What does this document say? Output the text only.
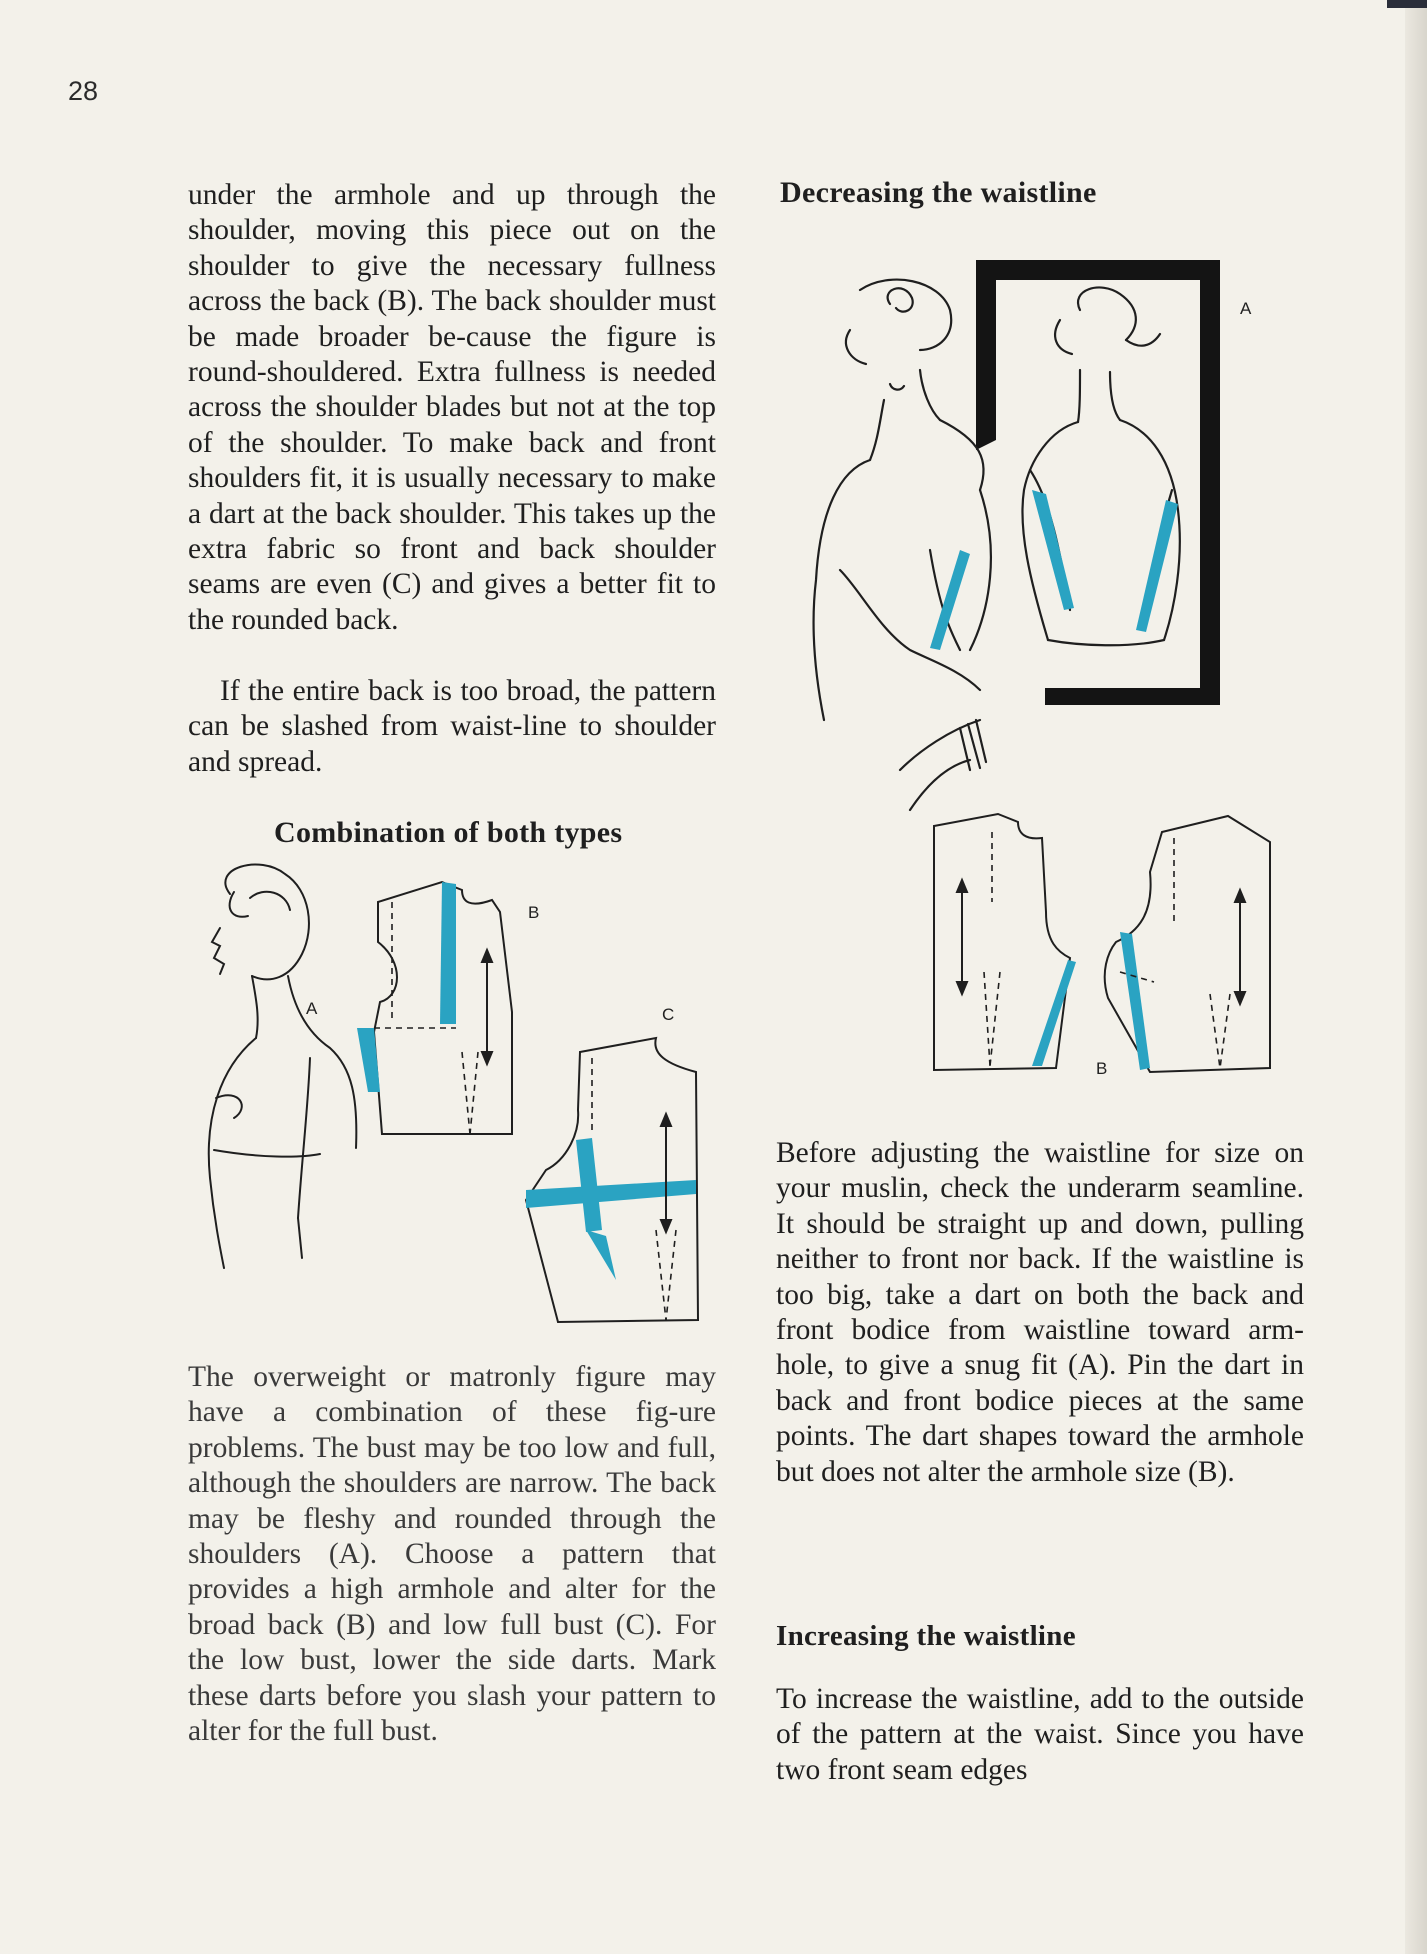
28

under the armhole and up through the shoulder, moving this piece out on the shoulder to give the necessary fullness across the back (B). The back shoulder must be made broader be-cause the figure is round-shouldered. Extra fullness is needed across the shoulder blades but not at the top of the shoulder. To make back and front shoulders fit, it is usually necessary to make a dart at the back shoulder. This takes up the extra fabric so front and back shoulder seams are even (C) and gives a better fit to the rounded back.

If the entire back is too broad, the pattern can be slashed from waist-line to shoulder and spread.

Combination of both types
A
B
C

The overweight or matronly figure may have a combination of these fig-ure problems. The bust may be too low and full, although the shoulders are narrow. The back may be fleshy and rounded through the shoulders (A). Choose a pattern that provides a high armhole and alter for the broad back (B) and low full bust (C). For the low bust, lower the side darts. Mark these darts before you slash your pattern to alter for the full bust.

Decreasing the waistline
A
B

Before adjusting the waistline for size on your muslin, check the underarm seamline. It should be straight up and down, pulling neither to front nor back. If the waistline is too big, take a dart on both the back and front bodice from waistline toward arm-hole, to give a snug fit (A). Pin the dart in back and front bodice pieces at the same points. The dart shapes toward the armhole but does not alter the armhole size (B).

Increasing the waistline

To increase the waistline, add to the outside of the pattern at the waist. Since you have two front seam edges
